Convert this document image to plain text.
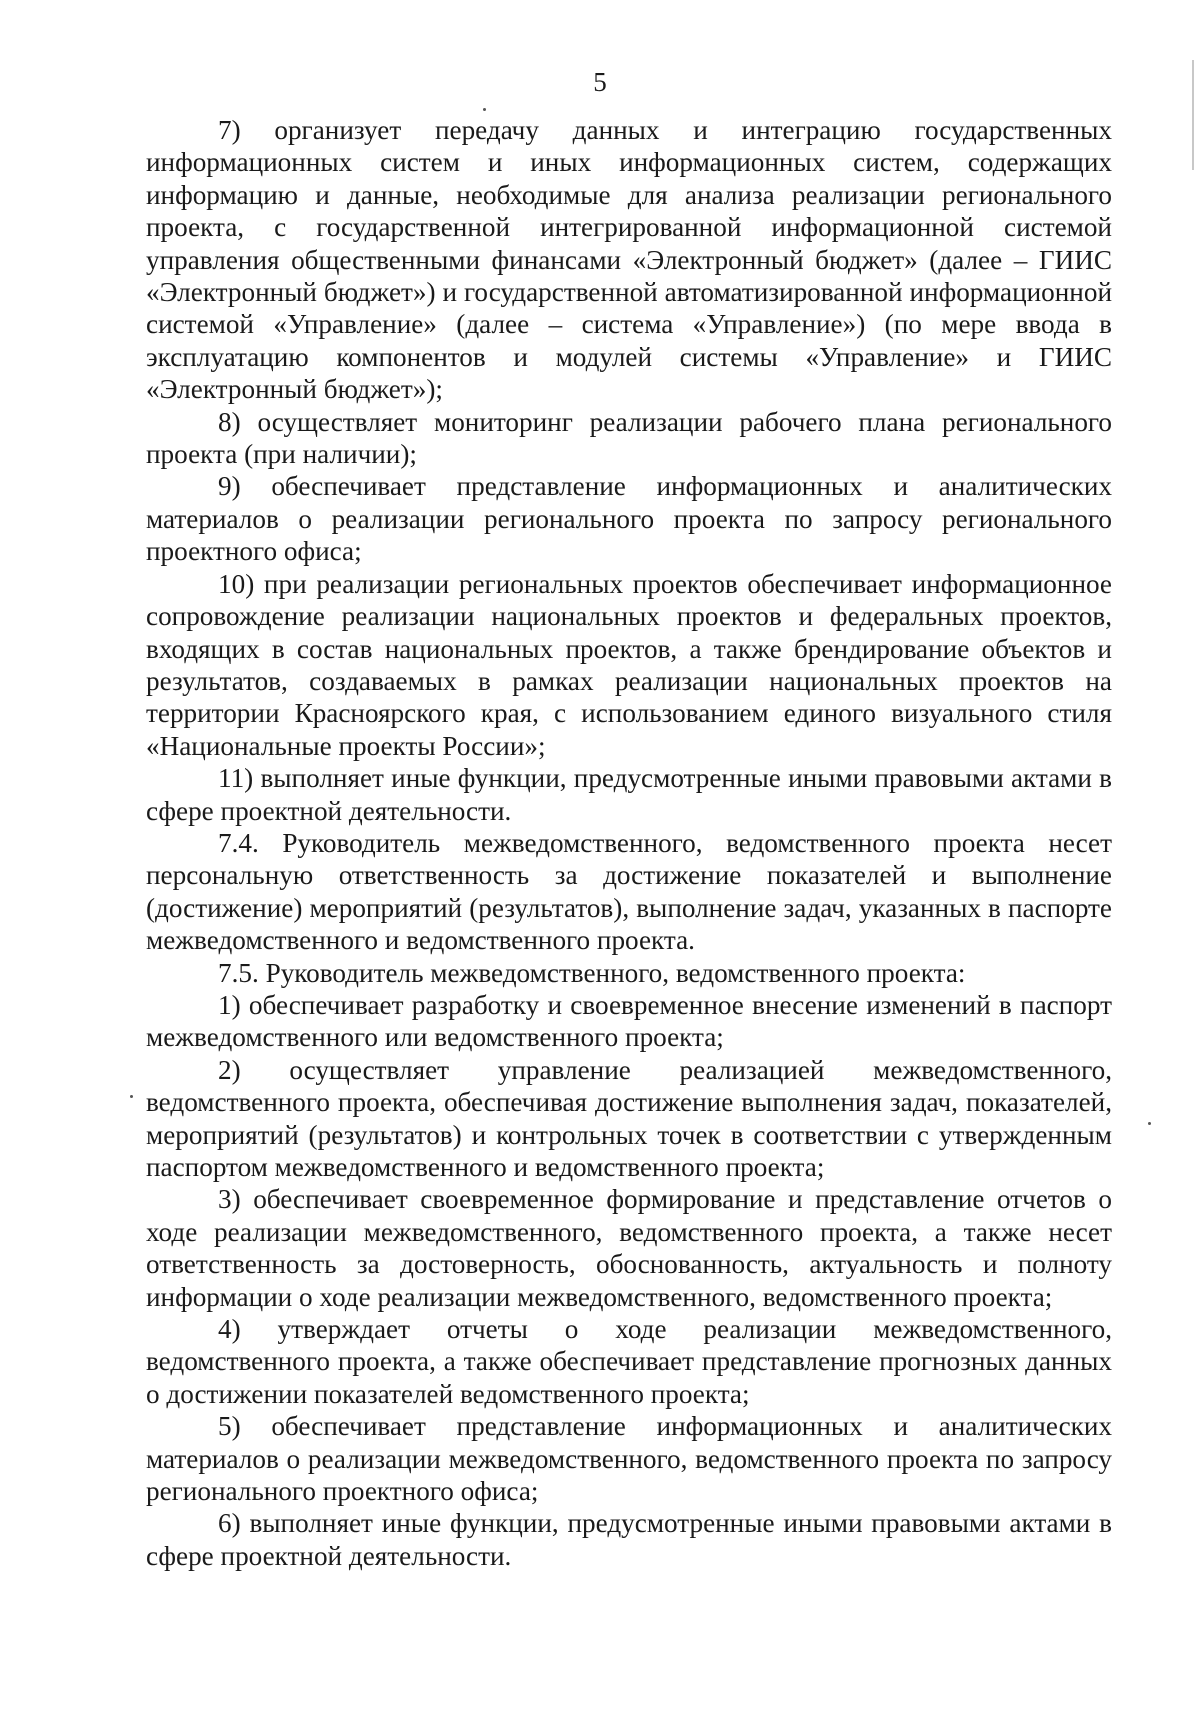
5

7) организует передачу данных и интеграцию государственных информационных систем и иных информационных систем, содержащих информацию и данные, необходимые для анализа реализации регионального проекта, с государственной интегрированной информационной системой управления общественными финансами «Электронный бюджет» (далее – ГИИС «Электронный бюджет») и государственной автоматизированной информационной системой «Управление» (далее – система «Управление») (по мере ввода в эксплуатацию компонентов и модулей системы «Управление» и ГИИС «Электронный бюджет»);

8) осуществляет мониторинг реализации рабочего плана регионального проекта (при наличии);

9) обеспечивает представление информационных и аналитических материалов о реализации регионального проекта по запросу регионального проектного офиса;

10) при реализации региональных проектов обеспечивает информационное сопровождение реализации национальных проектов и федеральных проектов, входящих в состав национальных проектов, а также брендирование объектов и результатов, создаваемых в рамках реализации национальных проектов на территории Красноярского края, с использованием единого визуального стиля «Национальные проекты России»;

11) выполняет иные функции, предусмотренные иными правовыми актами в сфере проектной деятельности.

7.4. Руководитель межведомственного, ведомственного проекта несет персональную ответственность за достижение показателей и выполнение (достижение) мероприятий (результатов), выполнение задач, указанных в паспорте межведомственного и ведомственного проекта.

7.5. Руководитель межведомственного, ведомственного проекта:

1) обеспечивает разработку и своевременное внесение изменений в паспорт межведомственного или ведомственного проекта;

2) осуществляет управление реализацией межведомственного, ведомственного проекта, обеспечивая достижение выполнения задач, показателей, мероприятий (результатов) и контрольных точек в соответствии с утвержденным паспортом межведомственного и ведомственного проекта;

3) обеспечивает своевременное формирование и представление отчетов о ходе реализации межведомственного, ведомственного проекта, а также несет ответственность за достоверность, обоснованность, актуальность и полноту информации о ходе реализации межведомственного, ведомственного проекта;

4) утверждает отчеты о ходе реализации межведомственного, ведомственного проекта, а также обеспечивает представление прогнозных данных о достижении показателей ведомственного проекта;

5) обеспечивает представление информационных и аналитических материалов о реализации межведомственного, ведомственного проекта по запросу регионального проектного офиса;

6) выполняет иные функции, предусмотренные иными правовыми актами в сфере проектной деятельности.
